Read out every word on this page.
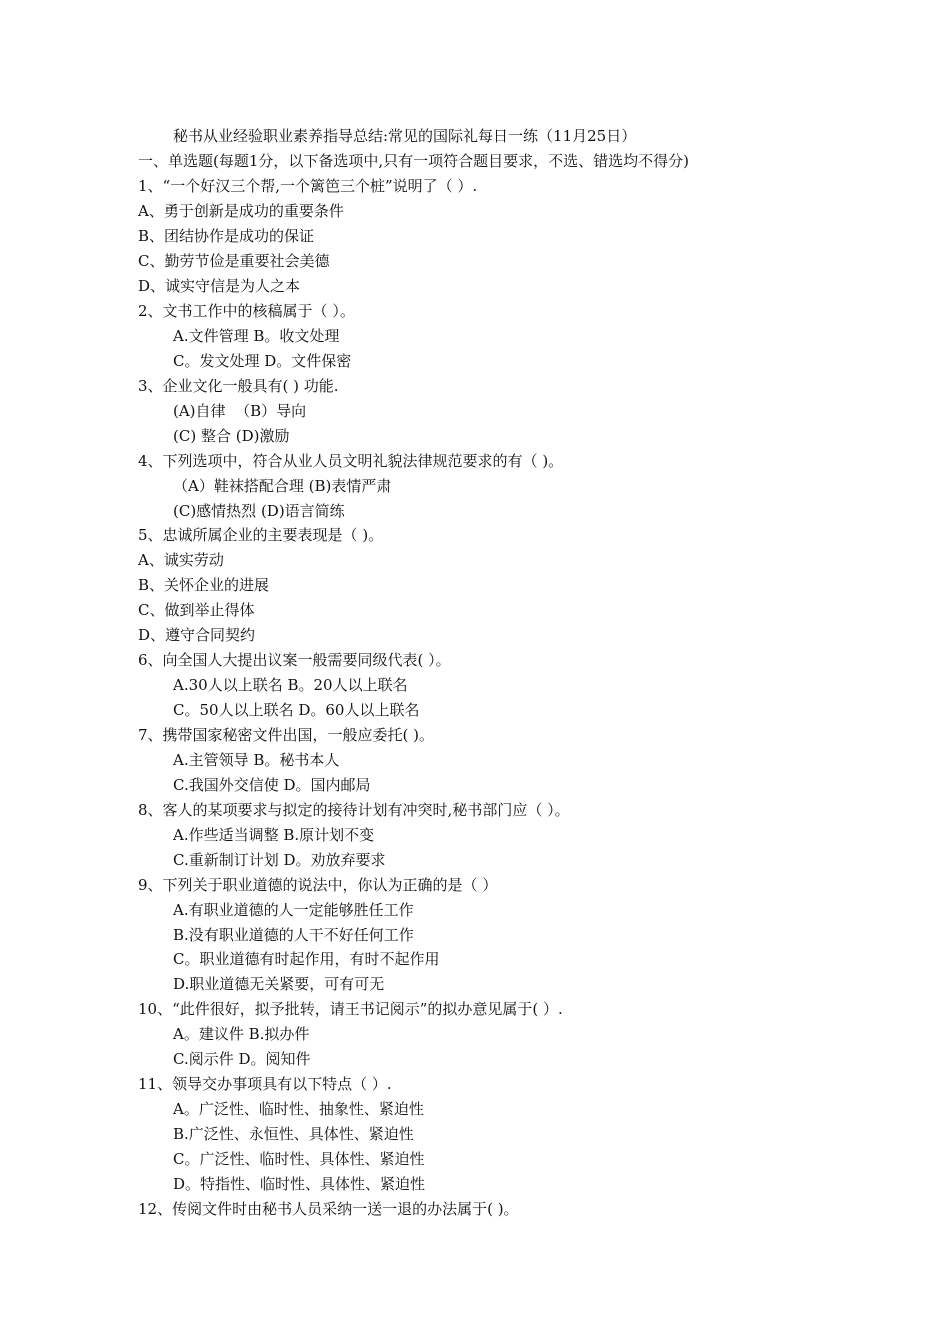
秘书从业经验职业素养指导总结:常见的国际礼每日一练（11月25日）
一、单选题(每题1分，以下备选项中,只有一项符合题目要求，不选、错选均不得分)
1、“一个好汉三个帮,一个篱笆三个桩”说明了（ ）.
A、勇于创新是成功的重要条件
B、团结协作是成功的保证
C、勤劳节俭是重要社会美德
D、诚实守信是为人之本
2、文书工作中的核稿属于（ ）。
A.文件管理 B。收文处理
C。发文处理 D。文件保密
3、企业文化一般具有( ) 功能.
(A)自律  （B）导向
(C) 整合 (D)激励
4、下列选项中，符合从业人员文明礼貌法律规范要求的有（ )。
（A）鞋袜搭配合理 (B)表情严肃
(C)感情热烈 (D)语言简练
5、忠诚所属企业的主要表现是（ )。
A、诚实劳动
B、关怀企业的进展
C、做到举止得体
D、遵守合同契约
6、向全国人大提出议案一般需要同级代表( ）。
A.30人以上联名 B。20人以上联名
C。50人以上联名 D。60人以上联名
7、携带国家秘密文件出国，一般应委托( )。
A.主管领导 B。秘书本人
C.我国外交信使 D。国内邮局
8、客人的某项要求与拟定的接待计划有冲突时,秘书部门应（ ）。
A.作些适当调整 B.原计划不变
C.重新制订计划 D。劝放弃要求
9、下列关于职业道德的说法中，你认为正确的是（ ）
A.有职业道德的人一定能够胜任工作
B.没有职业道德的人干不好任何工作
C。职业道德有时起作用，有时不起作用
D.职业道德无关紧要，可有可无
10、“此件很好，拟予批转，请王书记阅示”的拟办意见属于( ）.
A。建议件 B.拟办件
C.阅示件 D。阅知件
11、领导交办事项具有以下特点（ ）.
A。广泛性、临时性、抽象性、紧迫性
B.广泛性、永恒性、具体性、紧迫性
C。广泛性、临时性、具体性、紧迫性
D。特指性、临时性、具体性、紧迫性
12、传阅文件时由秘书人员采纳一送一退的办法属于( )。
